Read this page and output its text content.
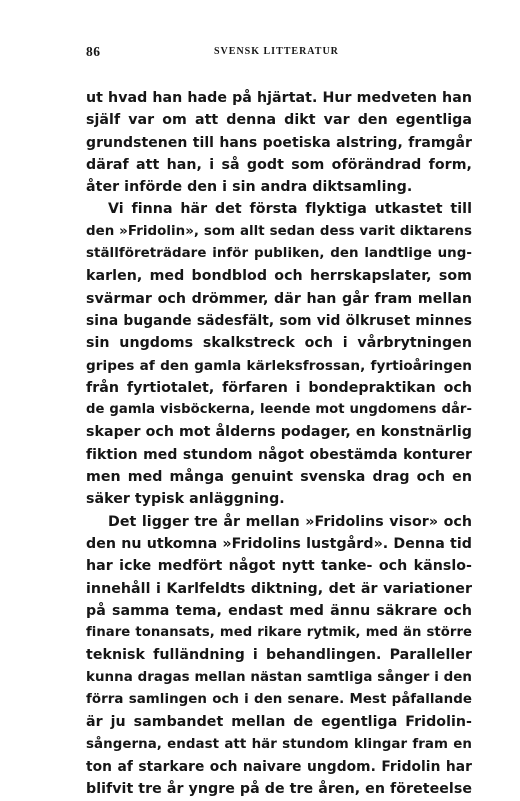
86	SVENSK LITTERATUR
ut hvad han hade på hjärtat. Hur medveten han
själf var om att denna dikt var den egentliga
grundstenen till hans poetiska alstring, framgår
däraf att han, i så godt som oförändrad form,
åter införde den i sin andra diktsamling.
Vi finna här det första flyktiga utkastet till
den »Fridolin», som allt sedan dess varit diktarens
ställföreträdare inför publiken, den landtlige ung-
karlen, med bondblod och herrskapslater, som
svärmar och drömmer, där han går fram mellan
sina bugande sädesfält, som vid ölkruset minnes
sin ungdoms skalkstreck och i vårbrytningen
gripes af den gamla kärleksfrossan, fyrtioåringen
från fyrtiotalet, förfaren i bondepraktikan och
de gamla visböckerna, leende mot ungdomens dår-
skaper och mot ålderns podager, en konstnärlig
fiktion med stundom något obestämda konturer
men med många genuint svenska drag och en
säker typisk anläggning.
Det ligger tre år mellan »Fridolins visor» och
den nu utkomna »Fridolins lustgård». Denna tid
har icke medfört något nytt tanke- och känslo-
innehåll i Karlfeldts diktning, det är variationer
på samma tema, endast med ännu säkrare och
finare tonansats, med rikare rytmik, med än större
teknisk fulländning i behandlingen. Paralleller
kunna dragas mellan nästan samtliga sånger i den
förra samlingen och i den senare. Mest påfallande
är ju sambandet mellan de egentliga Fridolin-
sångerna, endast att här stundom klingar fram en
ton af starkare och naivare ungdom. Fridolin har
blifvit tre år yngre på de tre åren, en företeelse
